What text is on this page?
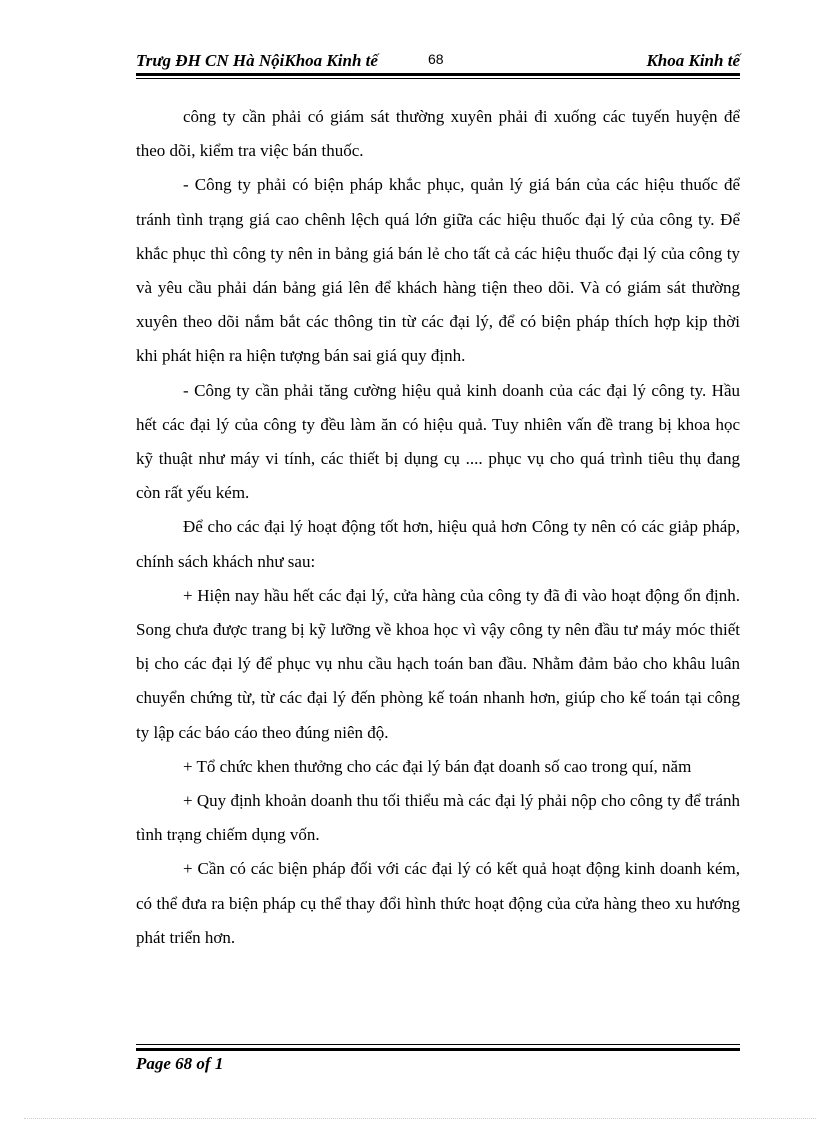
Trưg ĐH CN Hà NộiKhoa Kinh tế	68	Khoa Kinh tế

công ty cần phải có giám sát thường xuyên phải đi xuống các tuyến huyện để theo dõi, kiểm tra việc bán thuốc.

- Công ty phải có biện pháp khắc phục, quản lý giá bán của các hiệu thuốc để tránh tình trạng giá cao chênh lệch quá lớn giữa các hiệu thuốc đại lý của công ty. Để khắc phục thì công ty nên in bảng giá bán lẻ cho tất cả các hiệu thuốc đại lý của công ty và yêu cầu phải dán bảng giá lên để khách hàng tiện theo dõi. Và có giám sát thường xuyên theo dõi nắm bắt các thông tin từ các đại lý, để có biện pháp thích hợp kịp thời khi phát hiện ra hiện tượng bán sai giá quy định.

- Công ty cần phải tăng cường hiệu quả kinh doanh của các đại lý công ty. Hầu hết các đại lý của công ty đều làm ăn có hiệu quả. Tuy nhiên vấn đề trang bị khoa học kỹ thuật như máy vi tính, các thiết bị dụng cụ .... phục vụ cho quá trình tiêu thụ đang còn rất yếu kém.

Để cho các đại lý hoạt động tốt hơn, hiệu quả hơn Công ty nên có các giảp pháp, chính sách khách như sau:

+ Hiện nay hầu hết các đại lý, cửa hàng của công ty đã đi vào hoạt động ổn định. Song chưa được trang bị kỹ lưỡng về khoa học vì vậy công ty nên đầu tư máy móc thiết bị cho các đại lý để phục vụ nhu cầu hạch toán ban đầu. Nhằm đảm bảo cho khâu luân chuyển chứng từ, từ các đại lý đến phòng kế toán nhanh hơn, giúp cho kế toán tại công ty lập các báo cáo theo đúng niên độ.

+ Tổ chức khen thưởng cho các đại lý bán đạt doanh số cao trong quí, năm

+ Quy định khoản doanh thu tối thiểu mà các đại lý phải nộp cho công ty để tránh tình trạng chiếm dụng vốn.

+ Cần có các biện pháp đối với các đại lý có kết quả hoạt động kinh doanh kém, có thể đưa ra biện pháp cụ thể thay đổi hình thức hoạt động của cửa hàng theo xu hướng phát triển hơn.

Page 68 of 1
